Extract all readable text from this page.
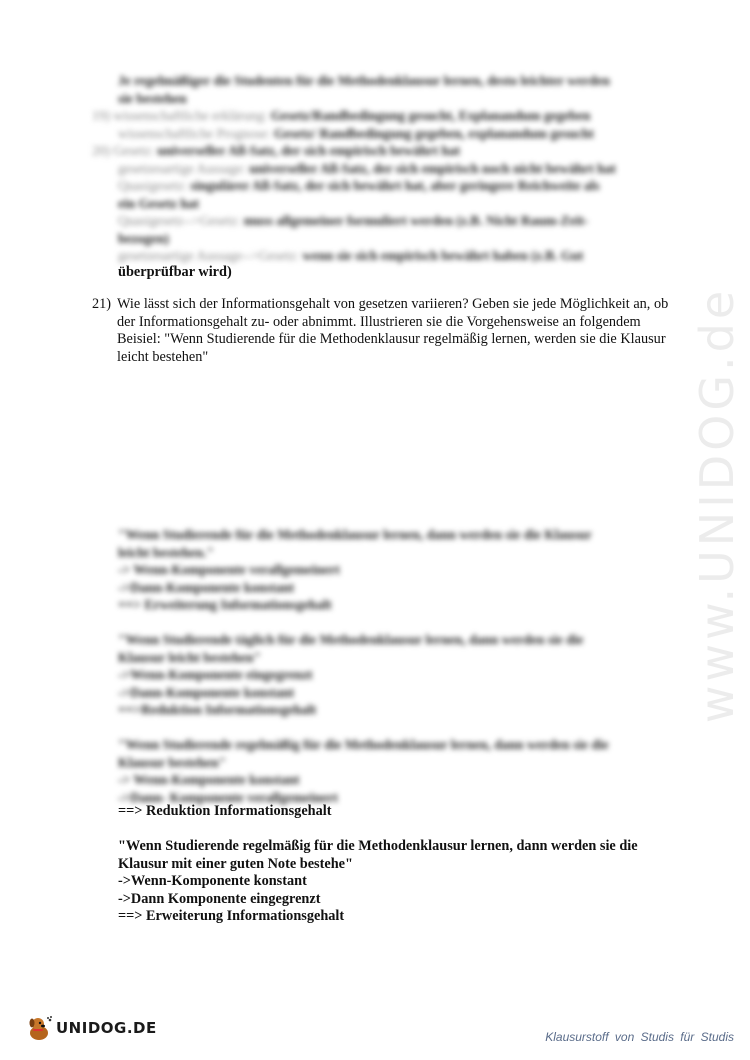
Je regelmäßiger die Studenten für die Methodenklausur lernen, desto leichter werden
sie bestehen
19) wissenschaftliche erklärung: Gesetz/Randbedingung gesucht, Explanandum gegeben
wissenschaftliche Prognose: Gesetz/ Randbedingung gegeben, explanandum gesucht
20) Gesetz: universeller All-Satz, der sich empirisch bewährt hat
gesetzesartige Aussage: universeller All-Satz, der sich empirisch noch nicht bewährt hat
Quasigesetz: singulärer All-Satz, der sich bewährt hat, aber geringere Reichweite als
ein Gesetz hat
Quasigesetz-->Gesetz: muss allgemeiner formuliert werden (z.B. Nicht Raum-Zeit-
bezogen)
gesetzesartige Aussage-->Gesetz: wenn sie sich empirisch bewährt haben (z.B. Gut
überprüfbar wird)
21) Wie lässt sich der Informationsgehalt von gesetzen variieren? Geben sie jede Möglichkeit an, ob der Informationsgehalt zu- oder abnimmt. Illustrieren sie die Vorgehensweise an folgendem Beisiel: "Wenn Studierende für die Methodenklausur regelmäßig lernen, werden sie die Klausur leicht bestehen"
"Wenn Studierende für die Methodenklausur lernen, dann werden sie die Klausur
leicht bestehen."
-> Wenn-Komponente verallgemeinert
->Dann-Komponente konstant
==> Erweiterung Informationsgehalt
"Wenn Studierende täglich für die Methodenklausur lernen, dann werden sie die
Klausur leicht bestehen"
->Wenn-Komponente eingegrenzt
->Dann-Komponente konstant
==>Reduktion Informationsgehalt
"Wenn Studierende regelmäßig für die Methodenklausur lernen, dann werden sie die
Klausur bestehen"
-> Wenn-Komponente konstant
->Dann- Komponente verallgemeinert
==> Reduktion Informationsgehalt
"Wenn Studierende regelmäßig für die Methodenklausur lernen, dann werden sie die
Klausur mit einer guten Note bestehe"
->Wenn-Komponente konstant
->Dann Komponente eingegrenzt
==> Erweiterung Informationsgehalt
www.UNIDOG.de
UNIDOG.DE	Klausurstoff von Studis für Studis
